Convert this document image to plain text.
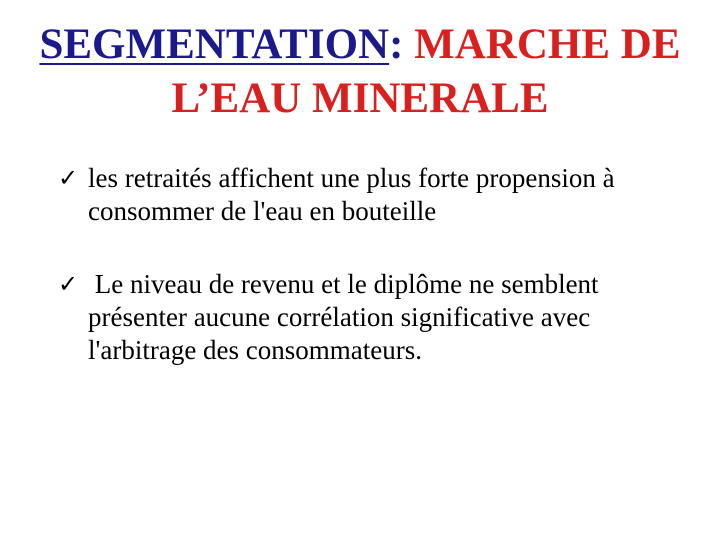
SEGMENTATION: MARCHE DE L’EAU MINERALE
✓ les retraités affichent une plus forte propension à consommer de l'eau en bouteille
✓ Le niveau de revenu et le diplôme ne semblent présenter aucune corrélation significative avec l'arbitrage des consommateurs.
